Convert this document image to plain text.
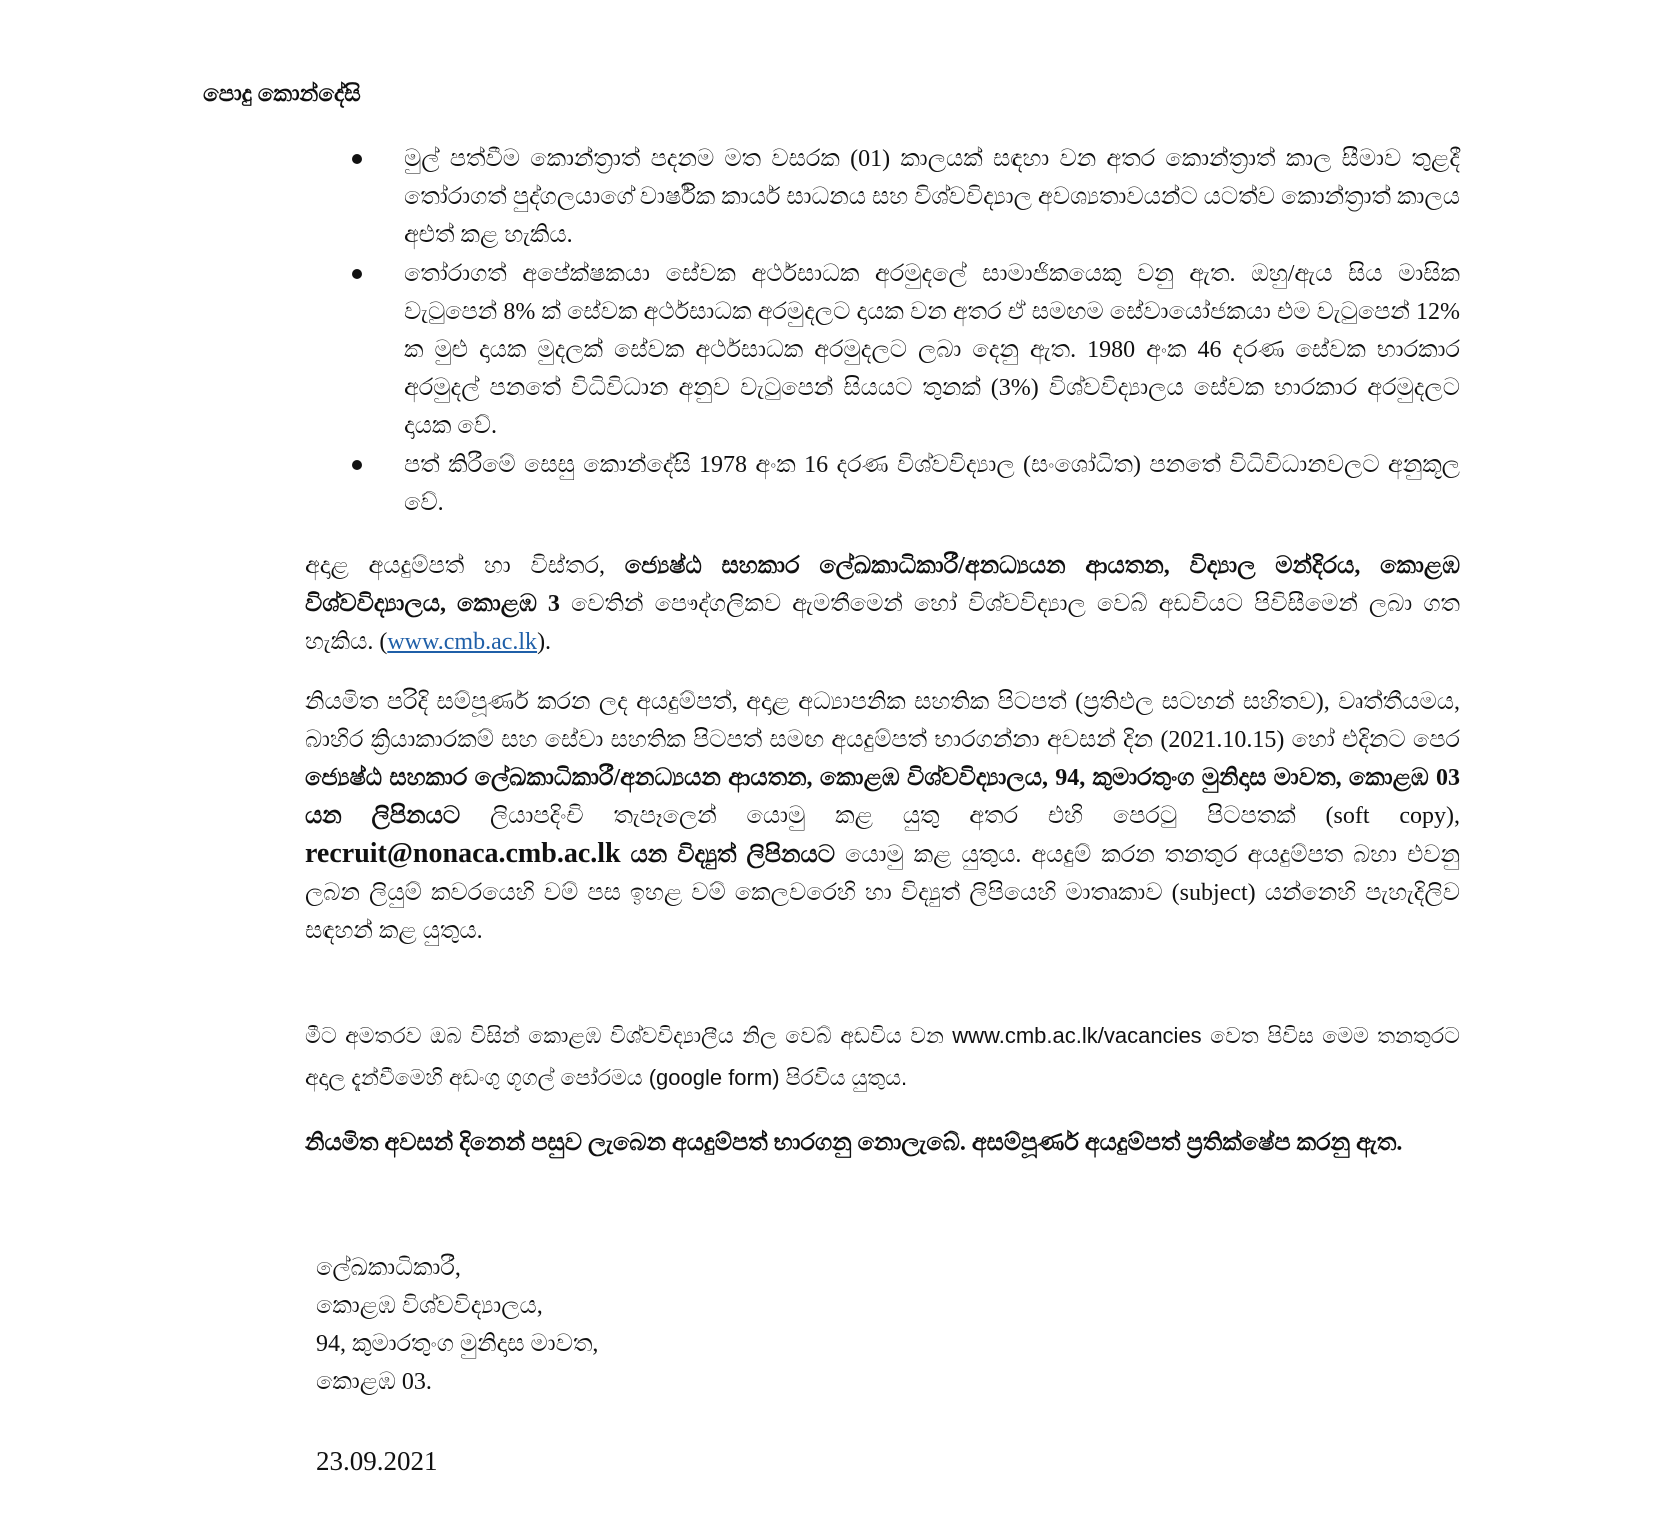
පොදු කොන්දේසි
මුල් පත්වීම කොන්ත්‍රාත් පදනම මත වසරක (01) කාලයක් සඳහා වන අතර කොන්ත්‍රාත් කාල සීමාව තුළදී තෝරාගත් පුද්ගලයාගේ වාර්ෂික කාර්ය සාධනය සහ විශ්වවිද්‍යාල අවශ්‍යතාවයන්ට යටත්ව කොන්ත්‍රාත් කාලය අළුත් කළ හැකිය.
තෝරාගත් අපේක්ෂකයා සේවක අර්ථසාධක අරමුදලේ සාමාජිකයෙකු වනු ඇත. ඔහු/ඇය සිය මාසික වැටුපෙන් 8% ක් සේවක අර්ථසාධක අරමුදලට දායක වන අතර ඒ සමඟම සේවායෝජකයා එම වැටුපෙන් 12% ක මුළු දායක මුදලක් සේවක අර්ථසාධක අරමුදලට ලබා දෙනු ඇත. 1980 අංක 46 දරණ සේවක භාරකාර අරමුදල් පනතේ විධිවිධාන අනුව වැටුපෙන් සියයට තුනක් (3%) විශ්වවිද්‍යාලය සේවක භාරකාර අරමුදලට දායක වේ.
පත් කිරීමේ සෙසු කොන්දේසි 1978 අංක 16 දරණ විශ්වවිද්‍යාල (සංශෝධිත) පනතේ විධිවිධානවලට අනුකූල වේ.

අදාළ අයදුම්පත් හා විස්තර, ජ්‍යෙෂ්ඨ සහකාර ලේඛකාධිකාරී/අනධ්‍යයන ආයතන, විද්‍යාල මන්දිරය, කොළඹ විශ්වවිද්‍යාලය, කොළඹ 3 වෙතින් පෞද්ගලිකව ඇමතීමෙන් හෝ විශ්වවිද්‍යාල වෙබ් අඩවියට පිවිසීමෙන් ලබා ගත හැකිය. (www.cmb.ac.lk).

නියමිත පරිදි සම්පූර්ණ කරන ලද අයදුම්පත්, අදාළ අධ්‍යාපනික සහතික පිටපත් (ප්‍රතිඵල සටහන් සහිතව), වෘත්තීයමය, බාහිර ක්‍රියාකාරකම් සහ සේවා සහතික පිටපත් සමඟ අයදුම්පත් භාරගන්නා අවසන් දින (2021.10.15) හෝ එදිනට පෙර ජ්‍යෙෂ්ඨ සහකාර ලේඛකාධිකාරී/අනධ්‍යයන ආයතන, කොළඹ විශ්වවිද්‍යාලය, 94, කුමාරතුංග මුනිදාස මාවත, කොළඹ 03 යන ලිපිනයට ලියාපදිංචි තැපෑලෙන් යොමු කළ යුතු අතර එහි පෙරටු පිටපතක් (soft copy), recruit@nonaca.cmb.ac.lk යන විද්‍යුත් ලිපිනයට යොමු කළ යුතුය. අයදුම් කරන තනතුර අයදුම්පත බහා එවනු ලබන ලියුම් කවරයෙහි වම් පස ඉහළ වම් කෙලවරෙහි හා විද්‍යුත් ලිපියෙහි මාතෘකාව (subject) යන්නෙහි පැහැදිලිව සඳහන් කළ යුතුය.

මීට අමතරව ඔබ විසින් කොළඹ විශ්වවිද්‍යාලීය නිල වෙබ් අඩවිය වන www.cmb.ac.lk/vacancies වෙත පිවිස මෙම තනතුරට අදාල දැන්වීමෙහි අඩංගු ගූගල් පෝරමය (google form) පිරවිය යුතුය.

නියමිත අවසන් දිනෙන් පසුව ලැබෙන අයදුම්පත් භාරගනු නොලැබේ. අසම්පූර්ණ අයදුම්පත් ප්‍රතික්ෂේප කරනු ඇත.

ලේඛකාධිකාරී,
කොළඹ විශ්වවිද්‍යාලය,
94, කුමාරතුංග මුනිදාස මාවත,
කොළඹ 03.
23.09.2021
